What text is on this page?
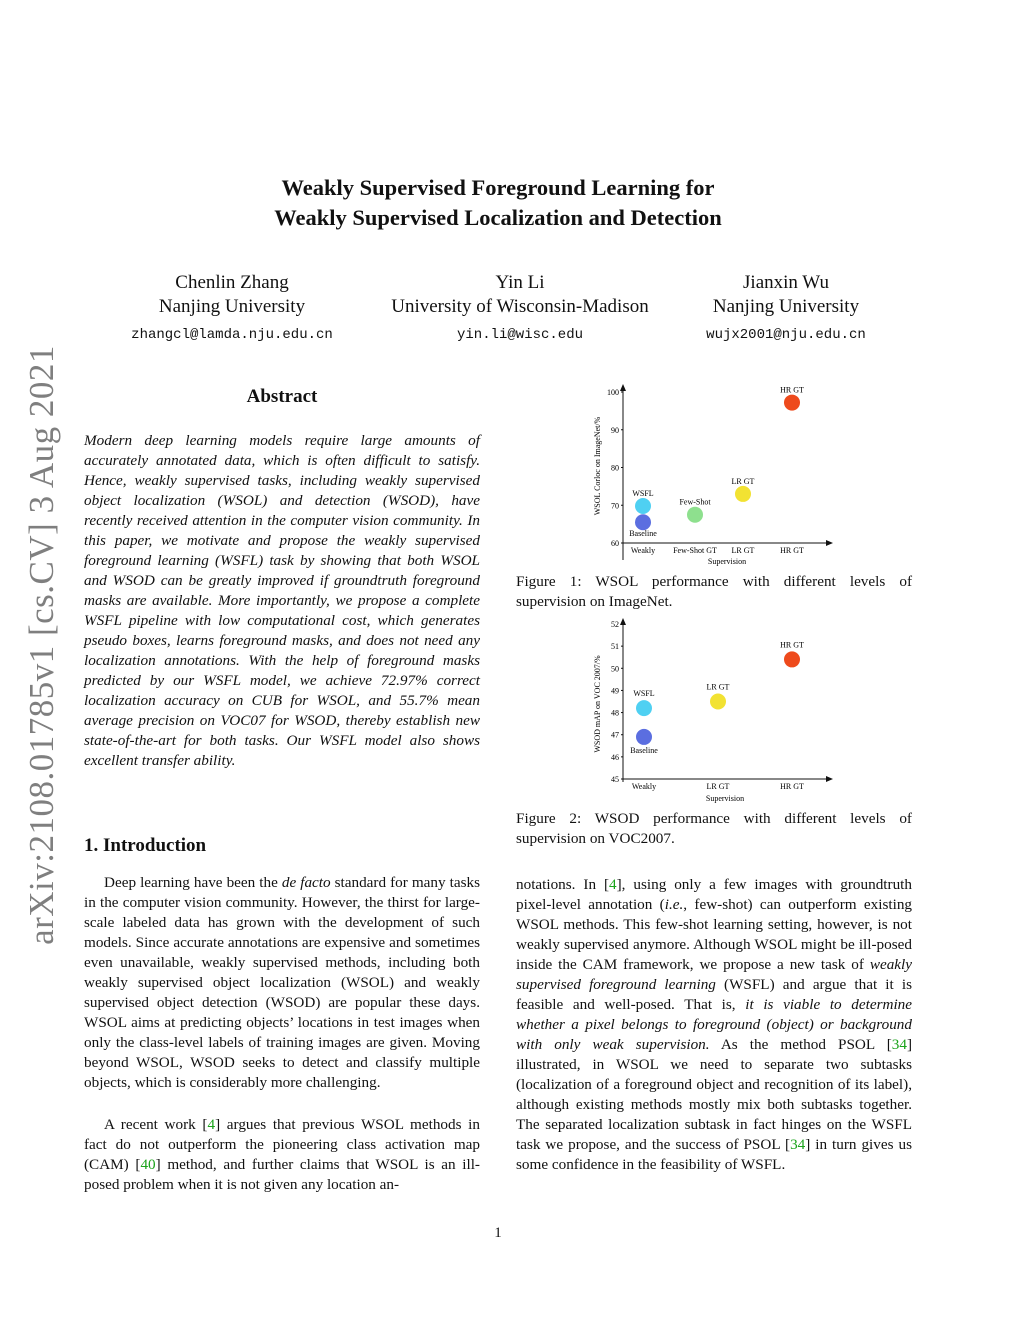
Weakly Supervised Foreground Learning for
Weakly Supervised Localization and Detection
Chenlin Zhang
Nanjing University
zhangcl@lamda.nju.edu.cn
Yin Li
University of Wisconsin-Madison
yin.li@wisc.edu
Jianxin Wu
Nanjing University
wujx2001@nju.edu.cn
arXiv:2108.01785v1 [cs.CV] 3 Aug 2021	Abstract
Modern deep learning models require large amounts of accurately annotated data, which is often difficult to satisfy. Hence, weakly supervised tasks, including weakly supervised object localization (WSOL) and detection (WSOD), have recently received attention in the computer vision community. In this paper, we motivate and propose the weakly supervised foreground learning (WSFL) task by showing that both WSOL and WSOD can be greatly improved if groundtruth foreground masks are available. More importantly, we propose a complete WSFL pipeline with low computational cost, which generates pseudo boxes, learns foreground masks, and does not need any localization annotations. With the help of foreground masks predicted by our WSFL model, we achieve 72.97% correct localization accuracy on CUB for WSOL, and 55.7% mean average precision on VOC07 for WSOD, thereby establish new state-of-the-art for both tasks. Our WSFL model also shows excellent transfer ability.
1. Introduction
Deep learning have been the de facto standard for many tasks in the computer vision community. However, the thirst for large-scale labeled data has grown with the development of such models. Since accurate annotations are expensive and sometimes even unavailable, weakly supervised methods, including both weakly supervised object localization (WSOL) and weakly supervised object detection (WSOD) are popular these days. WSOL aims at predicting objects’ locations in test images when only the class-level labels of training images are given. Moving beyond WSOL, WSOD seeks to detect and classify multiple objects, which is considerably more challenging.
A recent work [4] argues that previous WSOL methods in fact do not outperform the pioneering class activation map (CAM) [40] method, and further claims that WSOL is an ill-posed problem when it is not given any location an-
60
70
80
90
100
Weakly Few-Shot GT LR GT	HR GT
Baseline
WSFL
Few-Shot
LR GT
HR GT
Supervision
WSOL Corloc on ImageNet/%
Figure 1: WSOL performance with different levels of supervision on ImageNet.
45
46
47
48
49
50
51
52
Weakly	LR GT	HR GT
Baseline
WSFL
LR GT
HR GT
Supervision
WSOD mAP on VOC 2007/%
Figure 2: WSOD performance with different levels of supervision on VOC2007.
notations. In [4], using only a few images with groundtruth pixel-level annotation (i.e., few-shot) can outperform existing WSOL methods. This few-shot learning setting, however, is not weakly supervised anymore. Although WSOL might be ill-posed inside the CAM framework, we propose a new task of weakly supervised foreground learning (WSFL) and argue that it is feasible and well-posed. That is, it is viable to determine whether a pixel belongs to foreground (object) or background with only weak supervision. As the method PSOL [34] illustrated, in WSOL we need to separate two subtasks (localization of a foreground object and recognition of its label), although existing methods mostly mix both subtasks together. The separated localization subtask in fact hinges on the WSFL task we propose, and the success of PSOL [34] in turn gives us some confidence in the feasibility of WSFL.
1
